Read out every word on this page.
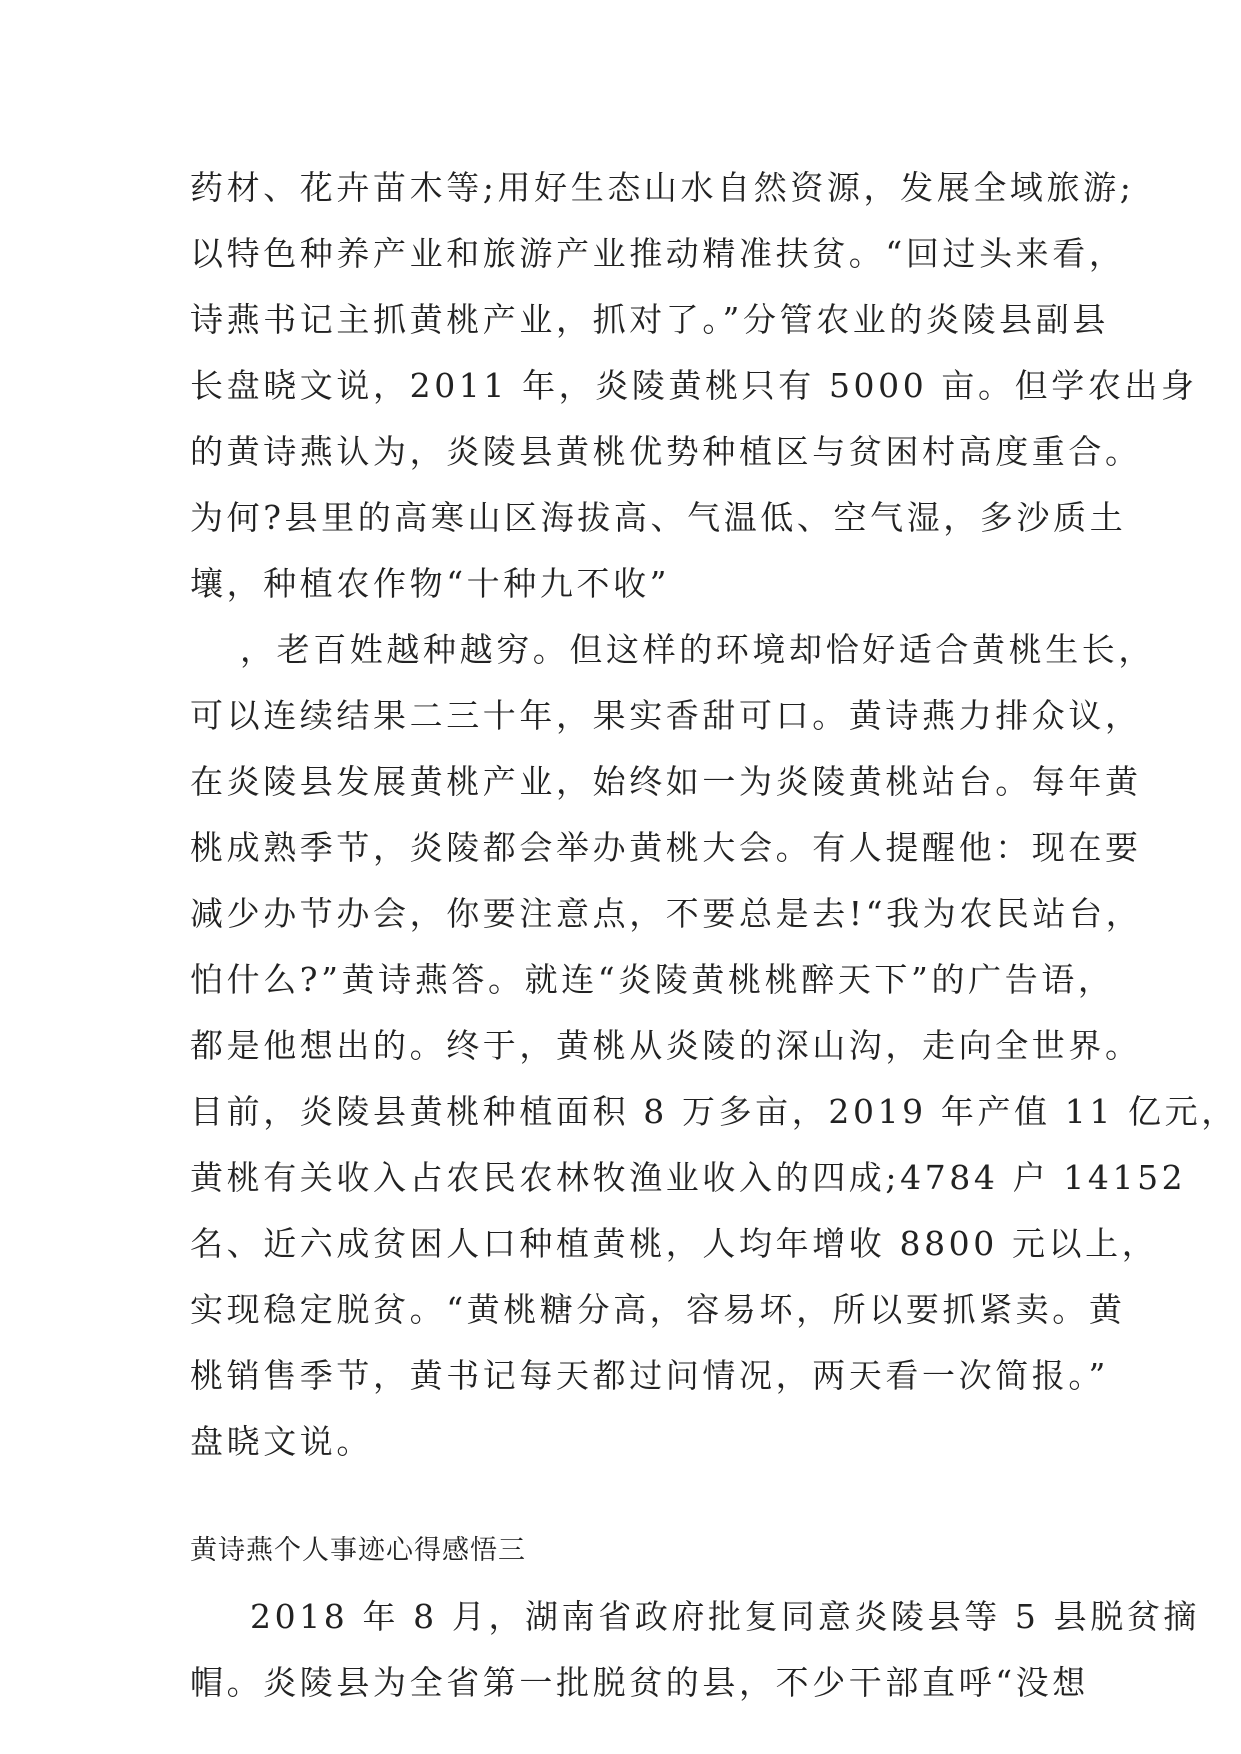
药材、花卉苗木等;用好生态山水自然资源，发展全域旅游;
以特色种养产业和旅游产业推动精准扶贫。“回过头来看，
诗燕书记主抓黄桃产业，抓对了。”分管农业的炎陵县副县
长盘晓文说，2011 年，炎陵黄桃只有 5000 亩。但学农出身
的黄诗燕认为，炎陵县黄桃优势种植区与贫困村高度重合。
为何?县里的高寒山区海拔高、气温低、空气湿，多沙质土
壤，种植农作物“十种九不收”
，老百姓越种越穷。但这样的环境却恰好适合黄桃生长，
可以连续结果二三十年，果实香甜可口。黄诗燕力排众议，
在炎陵县发展黄桃产业，始终如一为炎陵黄桃站台。每年黄
桃成熟季节，炎陵都会举办黄桃大会。有人提醒他：现在要
减少办节办会，你要注意点，不要总是去!“我为农民站台，
怕什么?”黄诗燕答。就连“炎陵黄桃桃醉天下”的广告语，
都是他想出的。终于，黄桃从炎陵的深山沟，走向全世界。
目前，炎陵县黄桃种植面积 8 万多亩，2019 年产值 11 亿元，
黄桃有关收入占农民农林牧渔业收入的四成;4784 户 14152
名、近六成贫困人口种植黄桃，人均年增收 8800 元以上，
实现稳定脱贫。“黄桃糖分高，容易坏，所以要抓紧卖。黄
桃销售季节，黄书记每天都过问情况，两天看一次简报。”
盘晓文说。
黄诗燕个人事迹心得感悟三
2018 年 8 月，湖南省政府批复同意炎陵县等 5 县脱贫摘
帽。炎陵县为全省第一批脱贫的县，不少干部直呼“没想
